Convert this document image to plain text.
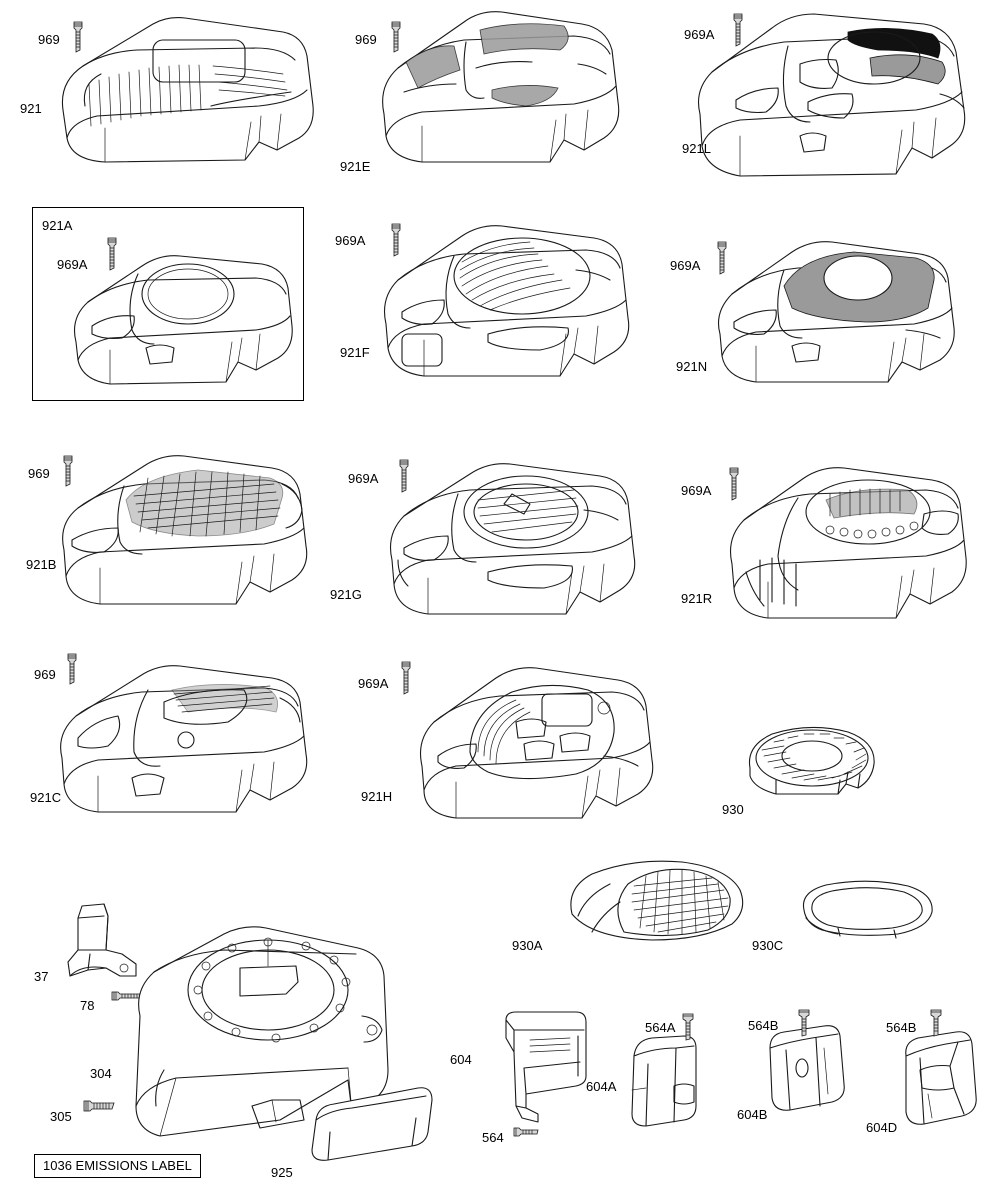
969
921
969
921E
969A
921L
921A
969A
969A
921F
969A
921N
969
921B
969A
921G
969A
921R
969
921C
969A
921H
930
930A	930C
37
78
304
305
925
1036 EMISSIONS LABEL
604
564
604A
564A	564B
604B
564B
604D
